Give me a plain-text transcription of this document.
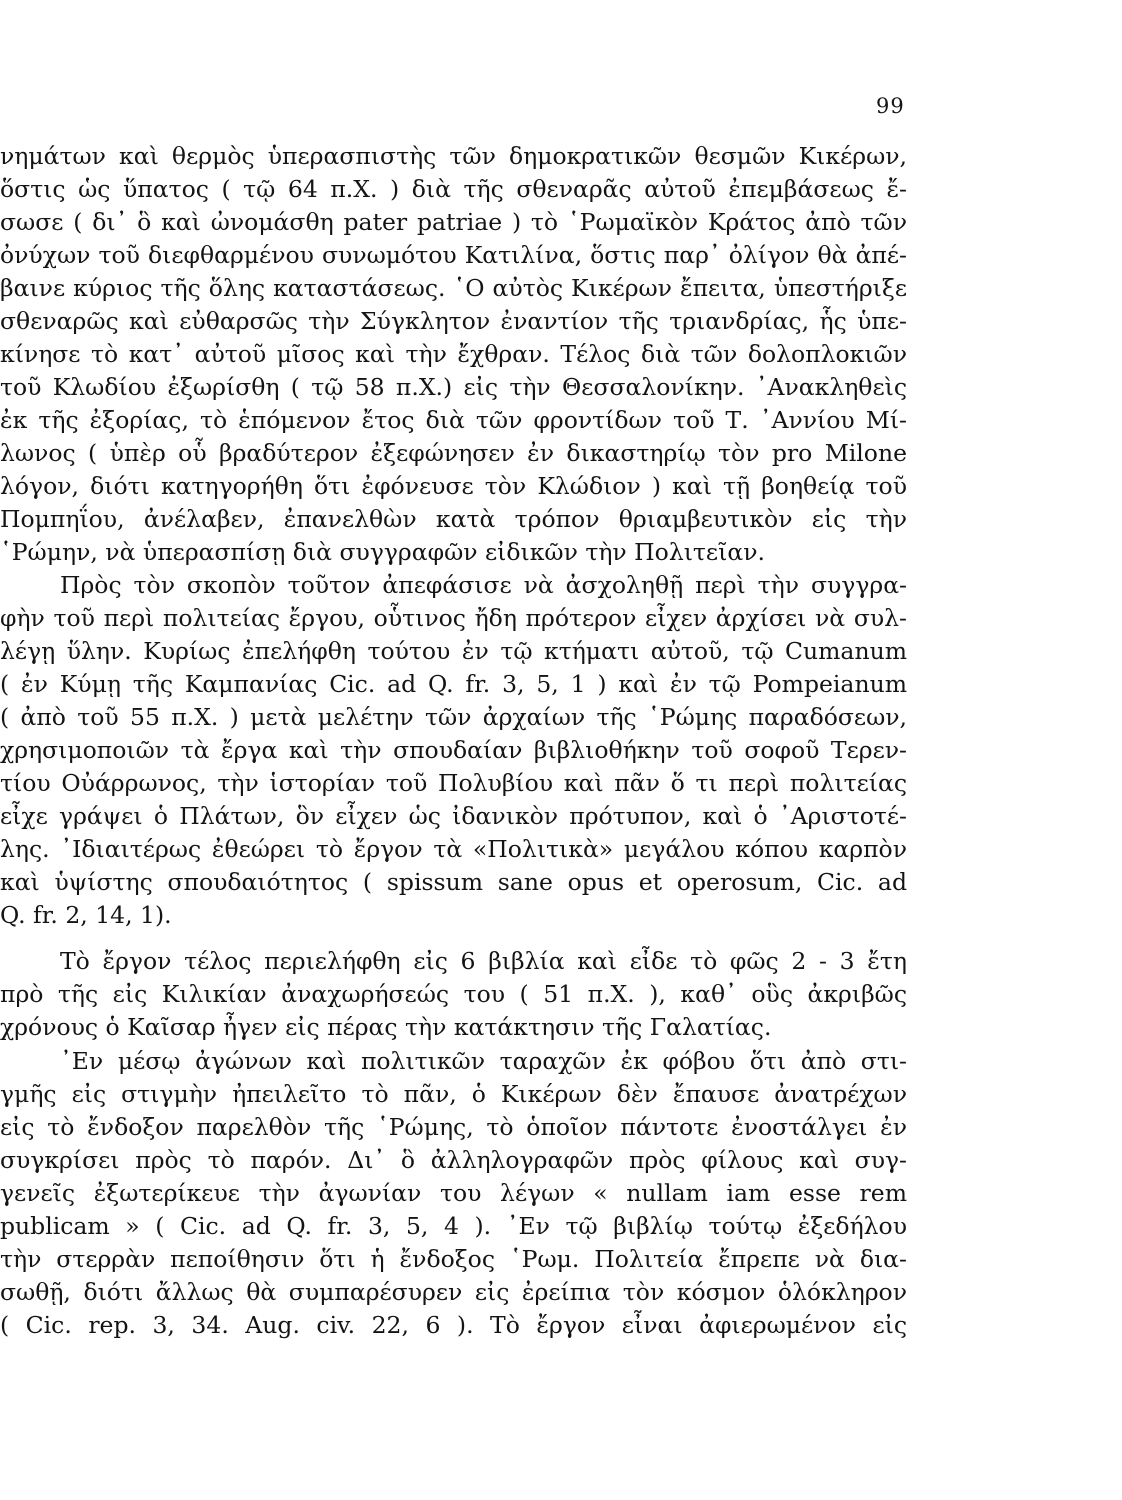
99
νημάτων καὶ θερμὸς ὑπερασπιστὴς τῶν δημοκρατικῶν θεσμῶν Κικέρων,
ὅστις ὡς ὕπατος ( τῷ 64 π.Χ. ) διὰ τῆς σθεναρᾶς αὐτοῦ ἐπεμβάσεως ἔ-
σωσε ( δι᾽ ὃ καὶ ὠνομάσθη pater patriae ) τὸ ῾Ρωμαϊκὸν Κράτος ἀπὸ τῶν
ὀνύχων τοῦ διεφθαρμένου συνωμότου Κατιλίνα, ὅστις παρ᾽ ὀλίγον θὰ ἀπέ-
βαινε κύριος τῆς ὅλης καταστάσεως. ῾Ο αὐτὸς Κικέρων ἔπειτα, ὑπεστήριξε
σθεναρῶς καὶ εὐθαρσῶς τὴν Σύγκλητον ἐναντίον τῆς τριανδρίας, ἧς ὑπε-
κίνησε τὸ κατ᾽ αὐτοῦ μῖσος καὶ τὴν ἔχθραν. Τέλος διὰ τῶν δολοπλοκιῶν
τοῦ Κλωδίου ἐξωρίσθη ( τῷ 58 π.Χ.) εἰς τὴν Θεσσαλονίκην. ᾽Ανακληθεὶς
ἐκ τῆς ἐξορίας, τὸ ἑπόμενον ἔτος διὰ τῶν φροντίδων τοῦ Τ. ᾽Αννίου Μί-
λωνος ( ὑπὲρ οὗ βραδύτερον ἐξεφώνησεν ἐν δικαστηρίῳ τὸν pro Milone
λόγον, διότι κατηγορήθη ὅτι ἐφόνευσε τὸν Κλώδιον ) καὶ τῇ βοηθείᾳ τοῦ
Πομπηΐου, ἀνέλαβεν, ἐπανελθὼν κατὰ τρόπον θριαμβευτικὸν εἰς τὴν
῾Ρώμην, νὰ ὑπερασπίσῃ διὰ συγγραφῶν εἰδικῶν τὴν Πολιτεῖαν.
Πρὸς τὸν σκοπὸν τοῦτον ἀπεφάσισε νὰ ἀσχοληθῇ περὶ τὴν συγγρα-
φὴν τοῦ περὶ πολιτείας ἔργου, οὗτινος ἤδη πρότερον εἶχεν ἀρχίσει νὰ συλ-
λέγῃ ὕλην. Κυρίως ἐπελήφθη τούτου ἐν τῷ κτήματι αὐτοῦ, τῷ Cumanum
( ἐν Κύμῃ τῆς Καμπανίας Cic. ad Q. fr. 3, 5, 1 ) καὶ ἐν τῷ Pompeianum
( ἀπὸ τοῦ 55 π.Χ. ) μετὰ μελέτην τῶν ἀρχαίων τῆς ῾Ρώμης παραδόσεων,
χρησιμοποιῶν τὰ ἔργα καὶ τὴν σπουδαίαν βιβλιοθήκην τοῦ σοφοῦ Τερεν-
τίου Οὐάρρωνος, τὴν ἱστορίαν τοῦ Πολυβίου καὶ πᾶν ὅ τι περὶ πολιτείας
εἶχε γράψει ὁ Πλάτων, ὃν εἶχεν ὡς ἰδανικὸν πρότυπον, καὶ ὁ ᾽Αριστοτέ-
λης. ᾽Ιδιαιτέρως ἐθεώρει τὸ ἔργον τὰ «Πολιτικὰ» μεγάλου κόπου καρπὸν
καὶ ὑψίστης σπουδαιότητος ( spissum sane opus et operosum, Cic. ad
Q. fr. 2, 14, 1).
Τὸ ἔργον τέλος περιελήφθη εἰς 6 βιβλία καὶ εἶδε τὸ φῶς 2 - 3 ἔτη
πρὸ τῆς εἰς Κιλικίαν ἀναχωρήσεώς του ( 51 π.Χ. ), καθ᾽ οὓς ἀκριβῶς
χρόνους ὁ Καῖσαρ ἦγεν εἰς πέρας τὴν κατάκτησιν τῆς Γαλατίας.
᾽Εν μέσῳ ἀγώνων καὶ πολιτικῶν ταραχῶν ἐκ φόβου ὅτι ἀπὸ στι-
γμῆς εἰς στιγμὴν ἠπειλεῖτο τὸ πᾶν, ὁ Κικέρων δὲν ἔπαυσε ἀνατρέχων
εἰς τὸ ἔνδοξον παρελθὸν τῆς ῾Ρώμης, τὸ ὁποῖον πάντοτε ἐνοστάλγει ἐν
συγκρίσει πρὸς τὸ παρόν. Δι᾽ ὃ ἀλληλογραφῶν πρὸς φίλους καὶ συγ-
γενεῖς ἐξωτερίκευε τὴν ἀγωνίαν του λέγων « nullam iam esse rem
publicam » ( Cic. ad Q. fr. 3, 5, 4 ). ᾽Εν τῷ βιβλίῳ τούτῳ ἐξεδήλου
τὴν στερρὰν πεποίθησιν ὅτι ἡ ἔνδοξος ῾Ρωμ. Πολιτεία ἔπρεπε νὰ δια-
σωθῇ, διότι ἄλλως θὰ συμπαρέσυρεν εἰς ἐρείπια τὸν κόσμον ὁλόκληρον
( Cic. rep. 3, 34. Aug. civ. 22, 6 ). Τὸ ἔργον εἶναι ἀφιερωμένον εἰς
